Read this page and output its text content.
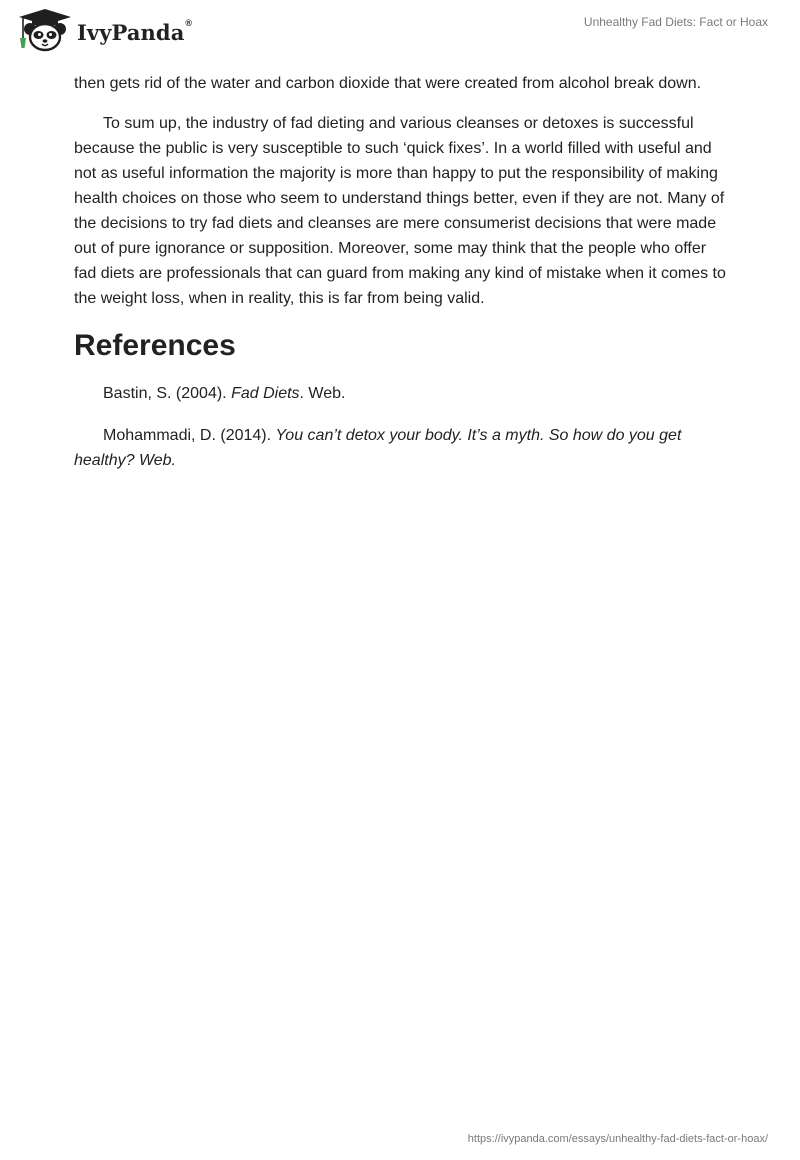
IvyPanda®	Unhealthy Fad Diets: Fact or Hoax

then gets rid of the water and carbon dioxide that were created from alcohol break down.

To sum up, the industry of fad dieting and various cleanses or detoxes is successful because the public is very susceptible to such ‘quick fixes’. In a world filled with useful and not as useful information the majority is more than happy to put the responsibility of making health choices on those who seem to understand things better, even if they are not. Many of the decisions to try fad diets and cleanses are mere consumerist decisions that were made out of pure ignorance or supposition. Moreover, some may think that the people who offer fad diets are professionals that can guard from making any kind of mistake when it comes to the weight loss, when in reality, this is far from being valid.

References

Bastin, S. (2004). Fad Diets. Web.

Mohammadi, D. (2014). You can’t detox your body. It’s a myth. So how do you get healthy? Web.

https://ivypanda.com/essays/unhealthy-fad-diets-fact-or-hoax/
